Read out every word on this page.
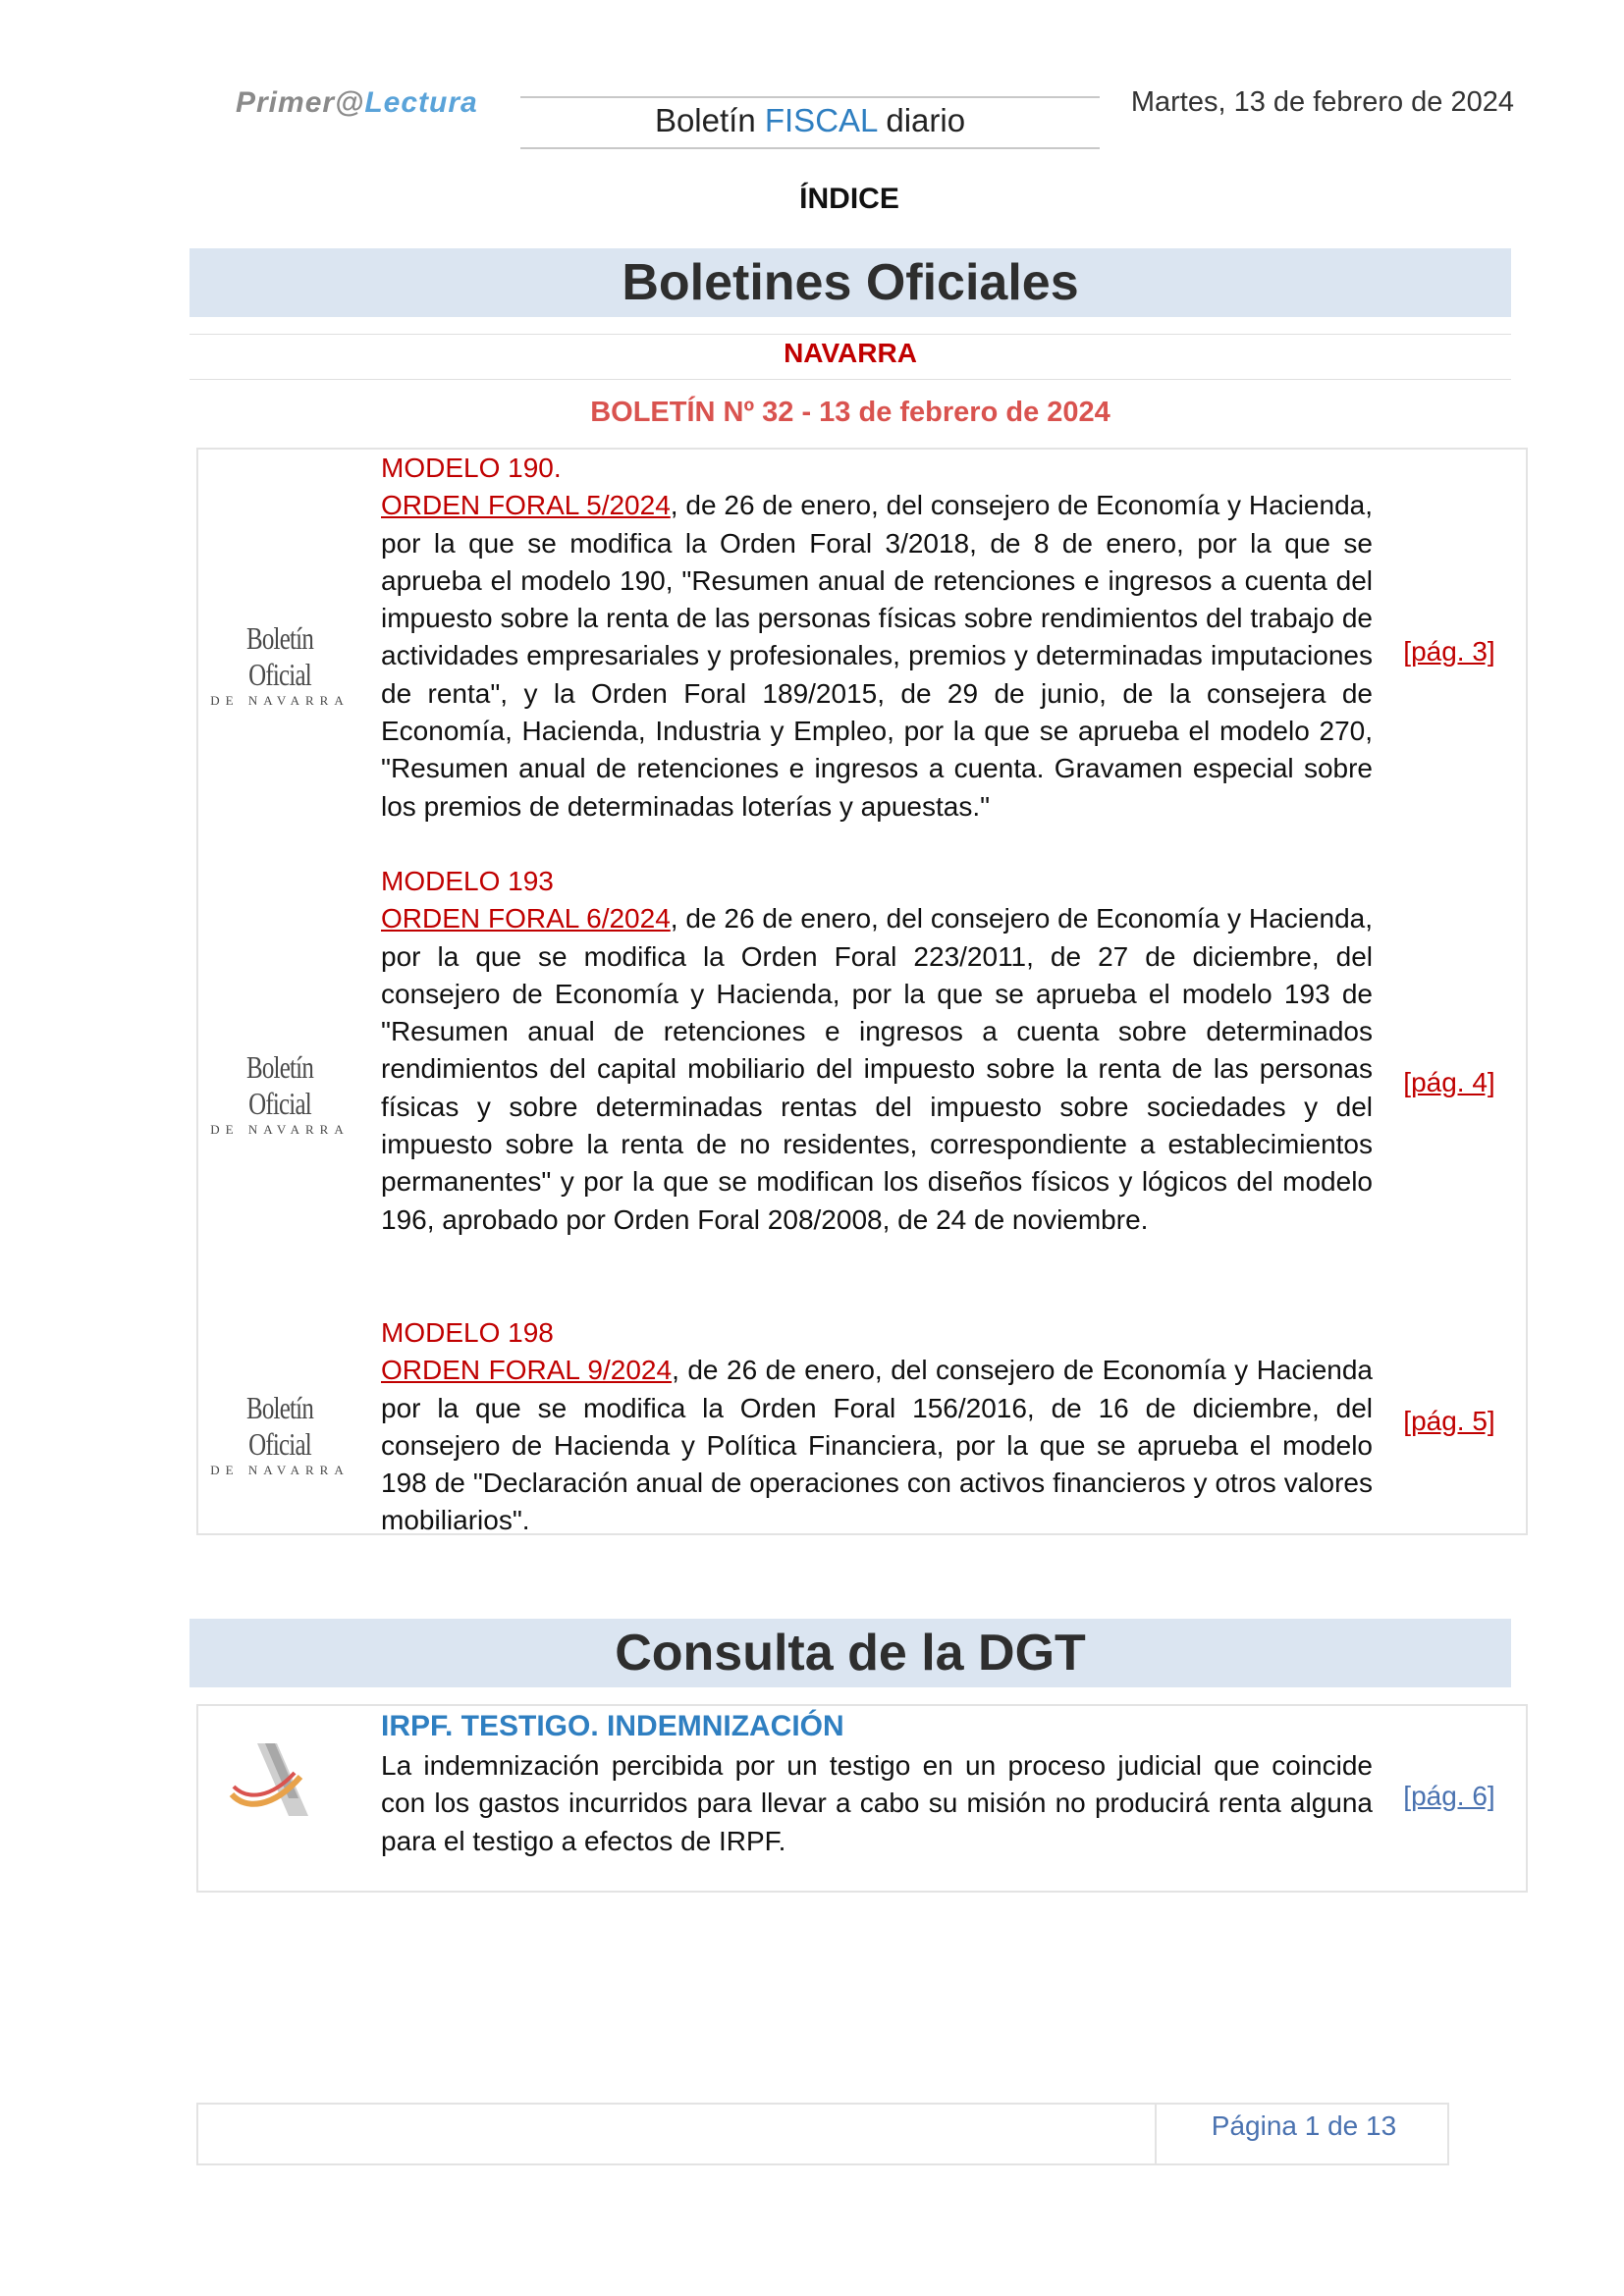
Primer@Lectura	Boletín FISCAL diario	Martes, 13 de febrero de 2024
ÍNDICE
Boletines Oficiales
NAVARRA
BOLETÍN Nº 32 - 13 de febrero de 2024
Boletín Oficial
DE NAVARRA
MODELO 190.
ORDEN FORAL 5/2024, de 26 de enero, del consejero de Economía y Hacienda, por la que se modifica la Orden Foral 3/2018, de 8 de enero, por la que se aprueba el modelo 190, "Resumen anual de retenciones e ingresos a cuenta del impuesto sobre la renta de las personas físicas sobre rendimientos del trabajo de actividades empresariales y profesionales, premios y determinadas imputaciones de renta", y la Orden Foral 189/2015, de 29 de junio, de la consejera de Economía, Hacienda, Industria y Empleo, por la que se aprueba el modelo 270, "Resumen anual de retenciones e ingresos a cuenta. Gravamen especial sobre los premios de determinadas loterías y apuestas."
[pág. 3]
Boletín Oficial
DE NAVARRA
MODELO 193
ORDEN FORAL 6/2024, de 26 de enero, del consejero de Economía y Hacienda, por la que se modifica la Orden Foral 223/2011, de 27 de diciembre, del consejero de Economía y Hacienda, por la que se aprueba el modelo 193 de "Resumen anual de retenciones e ingresos a cuenta sobre determinados rendimientos del capital mobiliario del impuesto sobre la renta de las personas físicas y sobre determinadas rentas del impuesto sobre sociedades y del impuesto sobre la renta de no residentes, correspondiente a establecimientos permanentes" y por la que se modifican los diseños físicos y lógicos del modelo 196, aprobado por Orden Foral 208/2008, de 24 de noviembre.
[pág. 4]
Boletín Oficial
DE NAVARRA
MODELO 198
ORDEN FORAL 9/2024, de 26 de enero, del consejero de Economía y Hacienda por la que se modifica la Orden Foral 156/2016, de 16 de diciembre, del consejero de Hacienda y Política Financiera, por la que se aprueba el modelo 198 de "Declaración anual de operaciones con activos financieros y otros valores mobiliarios".
[pág. 5]
Consulta de la DGT
IRPF. TESTIGO. INDEMNIZACIÓN
La indemnización percibida por un testigo en un proceso judicial que coincide con los gastos incurridos para llevar a cabo su misión no producirá renta alguna para el testigo a efectos de IRPF.
[pág. 6]
Página 1 de 13
